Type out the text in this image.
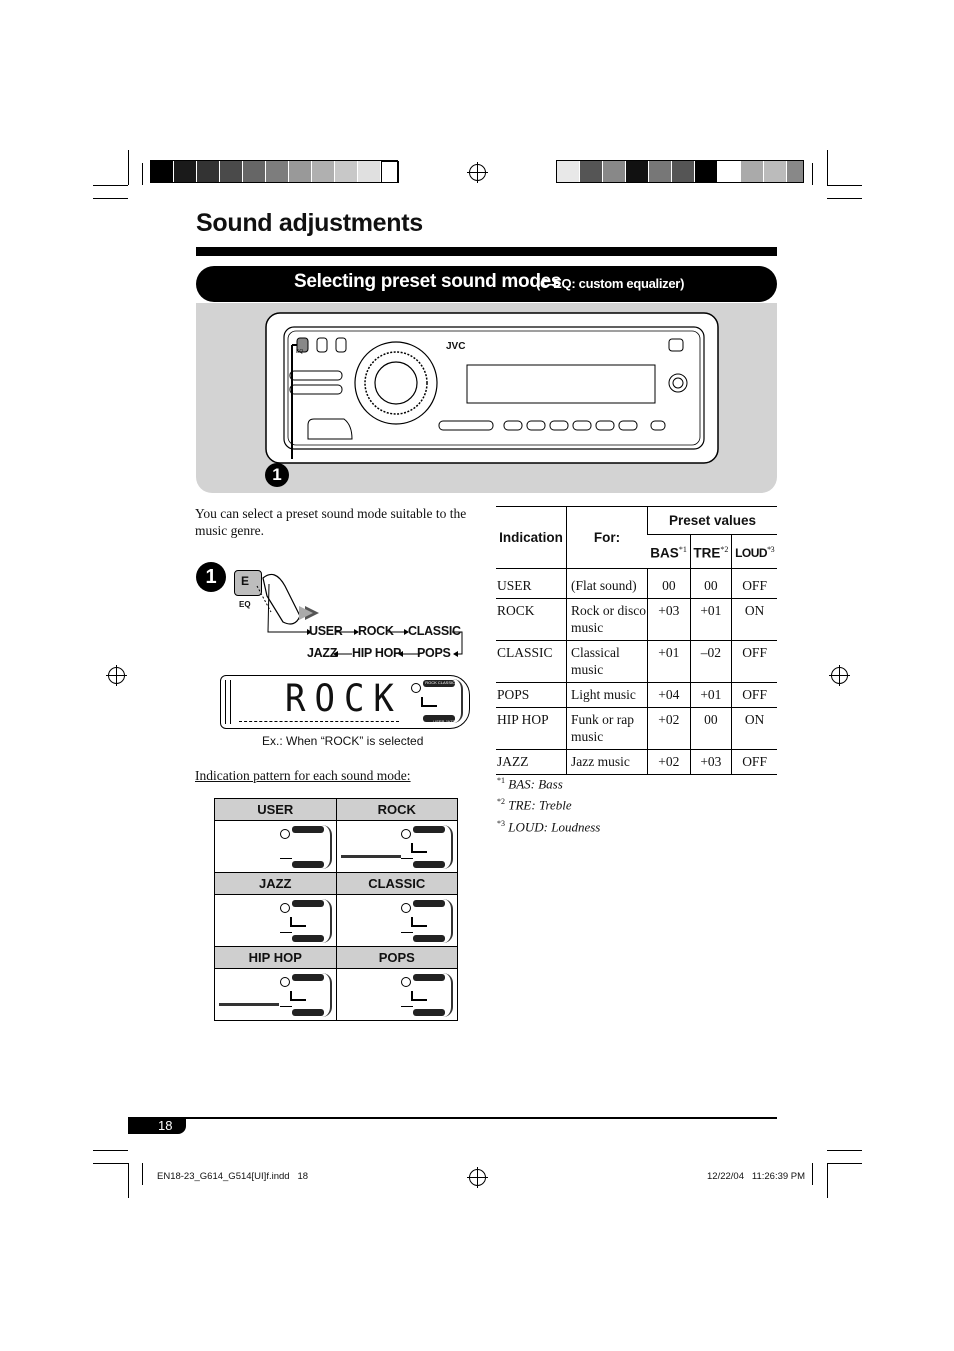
Sound adjustments
Selecting preset sound modes
(C-EQ: custom equalizer)
JVC
EQ
1
You can select a preset sound mode suitable to the music genre.
1	E
EQ
USER ROCK CLASSIC
JAZZ HIP HOP POPS
ROCK	ROCK CLASSIC
USER JAZZ
Ex.: When “ROCK” is selected
Indication pattern for each sound mode:
USER	ROCK
JAZZ	CLASSIC
HIP HOP	POPS
Indication	For:	Preset values		
		BAS$^{*1}$	TRE$^{*2}$	LOUD$^{*3}$
USER	(Flat sound)	00	00	OFF
ROCK	Rock or disco music	+03	+01	ON
CLASSIC	Classical music	+01	–02	OFF
POPS	Light music	+04	+01	OFF
HIP HOP	Funk or rap music	+02	00	ON
JAZZ	Jazz music	+02	+03	OFF
$^{*1}$ BAS: Bass
$^{*2}$ TRE: Treble
$^{*3}$ LOUD: Loudness
18
EN18-23_G614_G514[UI]f.indd   18	12/22/04   11:26:39 PM
